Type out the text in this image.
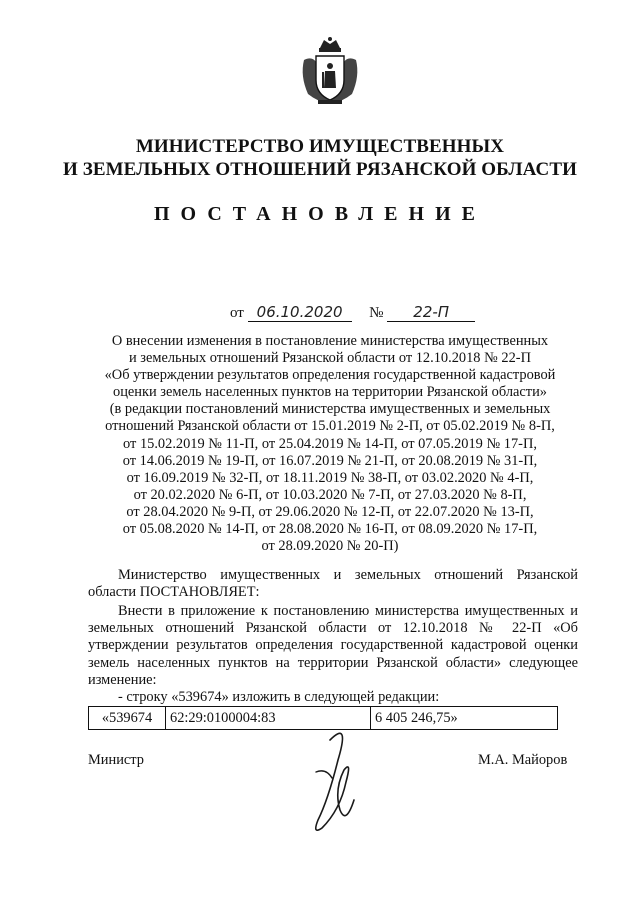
МИНИСТЕРСТВО ИМУЩЕСТВЕННЫХ
И ЗЕМЕЛЬНЫХ ОТНОШЕНИЙ РЯЗАНСКОЙ ОБЛАСТИ
ПОСТАНОВЛЕНИЕ
от 06.10.2020 № 22-П
О внесении изменения в постановление министерства имущественных
и земельных отношений Рязанской области от 12.10.2018 № 22-П
«Об утверждении результатов определения государственной кадастровой
оценки земель населенных пунктов на территории Рязанской области»
(в редакции постановлений министерства имущественных и земельных
отношений Рязанской области от 15.01.2019 № 2-П, от 05.02.2019 № 8-П,
от 15.02.2019 № 11-П, от 25.04.2019 № 14-П, от 07.05.2019 № 17-П,
от 14.06.2019 № 19-П, от 16.07.2019 № 21-П, от 20.08.2019 № 31-П,
от 16.09.2019 № 32-П, от 18.11.2019 № 38-П, от 03.02.2020 № 4-П,
от 20.02.2020 № 6-П, от 10.03.2020 № 7-П, от 27.03.2020 № 8-П,
от 28.04.2020 № 9-П, от 29.06.2020 № 12-П, от 22.07.2020 № 13-П,
от 05.08.2020 № 14-П, от 28.08.2020 № 16-П, от 08.09.2020 № 17-П,
от 28.09.2020 № 20-П)
Министерство имущественных и земельных отношений Рязанской области ПОСТАНОВЛЯЕТ:
Внести в приложение к постановлению министерства имущественных и земельных отношений Рязанской области от 12.10.2018 № 22-П «Об утверждении результатов определения государственной кадастровой оценки земель населенных пунктов на территории Рязанской области» следующее изменение:
- строку «539674» изложить в следующей редакции:
«539674	62:29:0100004:83	6 405 246,75»
Министр	М.А. Майоров
